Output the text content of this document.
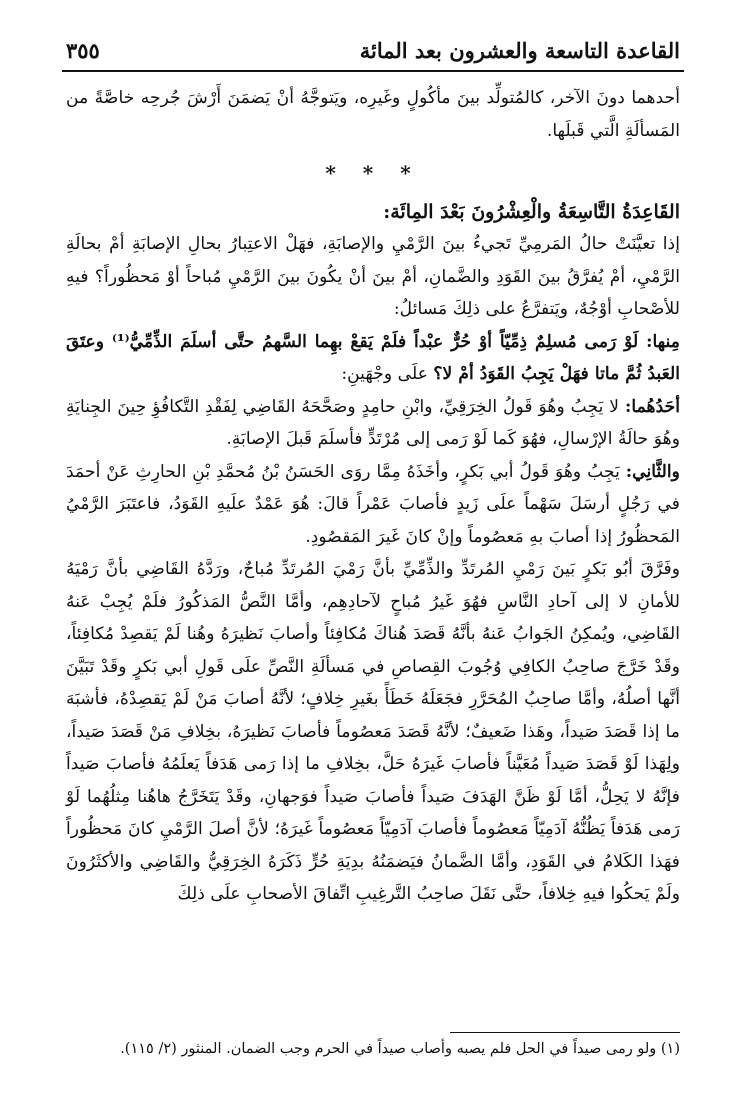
القاعدة التاسعة والعشرون بعد المائة
٣٥٥

أحدهما دونَ الآخر، كالمُتولِّد بينَ مأكُولٍ وغَيرِه، ويَتوجَّهُ أنْ يَضمَنَ أَرْشَ جُرحِه خاصَّةً من المَسألَةِ الَّتي قَبلَها.

* * *

القَاعِدَةُ التَّاسِعَةُ والْعِشْرُونَ بَعْدَ المِائَة:

إذا تعيَّنَتْ حالُ المَرمِيِّ تَجيءُ بينَ الرَّمْيِ والإصابَةِ، فهَلْ الاعتِبارُ بحالِ الإصابَةِ أمْ بحالَةِ الرَّمْيِ، أمْ يُفرَّقُ بينَ القَوَدِ والضَّمانِ، أمْ بينَ أنْ يكُونَ بينَ الرَّمْيِ مُباحاً أوْ مَحظُوراً؟ فيهِ للأصْحابِ أوْجُهٌ، ويَتفرَّعُ على ذلِكَ مَسائلُ:

مِنها: لَوْ رَمى مُسلِمٌ ذِمِّيّاً أوْ حُرٌّ عبْداً فلَمْ يَقعْ بهِما السَّهمُ حتَّى أسلَمَ الذِّمِّيُّ⁽¹⁾ وعتَقَ العَبدُ ثُمَّ ماتا فهَلْ يَجِبُ القَوَدُ أمْ لا؟ علَى وجْهَينِ:

أحَدُهُما: لا يَجِبُ وهُوَ قَولُ الخِرَقِيِّ، وابْنِ حامِدٍ وصَحَّحَهُ القَاضِي لِفَقْدِ التَّكافُؤِ حِينَ الجِنايَةِ وهُوَ حالَةُ الإرْسالِ، فهُوَ كَما لَوْ رَمى إلى مُرْتَدٍّ فأسلَمَ قَبلَ الإصابَةِ.

والثَّانِي: يَجِبُ وهُوَ قَولُ أبي بَكرٍ، وأخَذَهُ مِمَّا روَى الحَسَنُ بْنُ مُحمَّدِ بْنِ الحارِثِ عَنْ أحمَدَ في رَجُلٍ أرسَلَ سَهْماً علَى زَيدٍ فأصابَ عَمْراً قالَ: هُوَ عَمْدٌ علَيهِ القَوَدُ، فاعتَبَرَ الرَّمْيُ المَحظُورُ إذا أصابَ بهِ مَعصُوماً وإنْ كانَ غَيرَ المَقصُودِ.

وفَرَّقَ أبُو بَكرٍ بَينَ رَمْيِ المُرتَدِّ والذِّمِّيِّ بأنَّ رَمْيَ المُرتَدِّ مُباحٌ، ورَدَّهُ القَاضِي بأنَّ رَمْيَهُ للأمانِ لا إلى آحادِ النَّاسِ فهُوَ غَيرُ مُباحٍ لآحادِهِم، وأمَّا النَّصُّ المَذكُورُ فلَمْ يُجِبْ عَنهُ القَاضِي، ويُمكِنُ الجَوابُ عَنهُ بأنَّهُ قَصَدَ هُناكَ مُكافِئاً وأصابَ نَظيرَهُ وهُنا لَمْ يَقصِدْ مُكافِئاً، وقَدْ خَرَّجَ صاحِبُ الكافِي وُجُوبَ القِصاصِ في مَسألَةِ النَّصِّ علَى قَولِ أبي بَكرٍ وقَدْ تَبَيَّنَ أنَّها أصلُهُ، وأمَّا صاحِبُ المُحَرَّرِ فجَعَلَهُ خَطَأً بغَيرِ خِلافٍ؛ لأنَّهُ أصابَ مَنْ لَمْ يَقصِدْهُ، فأشبَهَ ما إذا قَصَدَ صَيداً، وهَذا ضَعيفٌ؛ لأنَّهُ قَصَدَ مَعصُوماً فأصابَ نَظيرَهُ، بخِلافِ مَنْ قَصَدَ صَيداً، ولِهَذا لَوْ قَصَدَ صَيداً مُعَيَّناً فأصابَ غَيرَهُ حَلَّ، بخِلافِ ما إذا رَمى هَدَفاً يَعلَمُهُ فأصابَ صَيداً فإنَّهُ لا يَحِلُّ، أمَّا لَوْ ظَنَّ الهَدَفَ صَيداً فأصابَ صَيداً فوَجهانِ، وقَدْ يَتَخَرَّجُ هاهُنا مِثلُهُما لَوْ رَمى هَدَفاً يَظُنُّهُ آدَمِيّاً مَعصُوماً فأصابَ آدَمِيّاً مَعصُوماً غَيرَهُ؛ لأنَّ أصلَ الرَّمْيِ كانَ مَحظُوراً فهَذا الكَلامُ في القَوَدِ، وأمَّا الضَّمانُ فيَضمَنُهُ بدِيَةِ حُرٍّ ذَكَرَهُ الخِرَقِيُّ والقَاضِي والأكثَرُونَ ولَمْ يَحكُوا فيهِ خِلافاً، حتَّى نَقَلَ صاحِبُ التَّرغِيبِ اتِّفاقَ الأصحابِ علَى ذلِكَ

(١) ولو رمى صيداً في الحل فلم يصبه وأصاب صيداً في الحرم وجب الضمان. المنثور (٢/ ١١٥).
